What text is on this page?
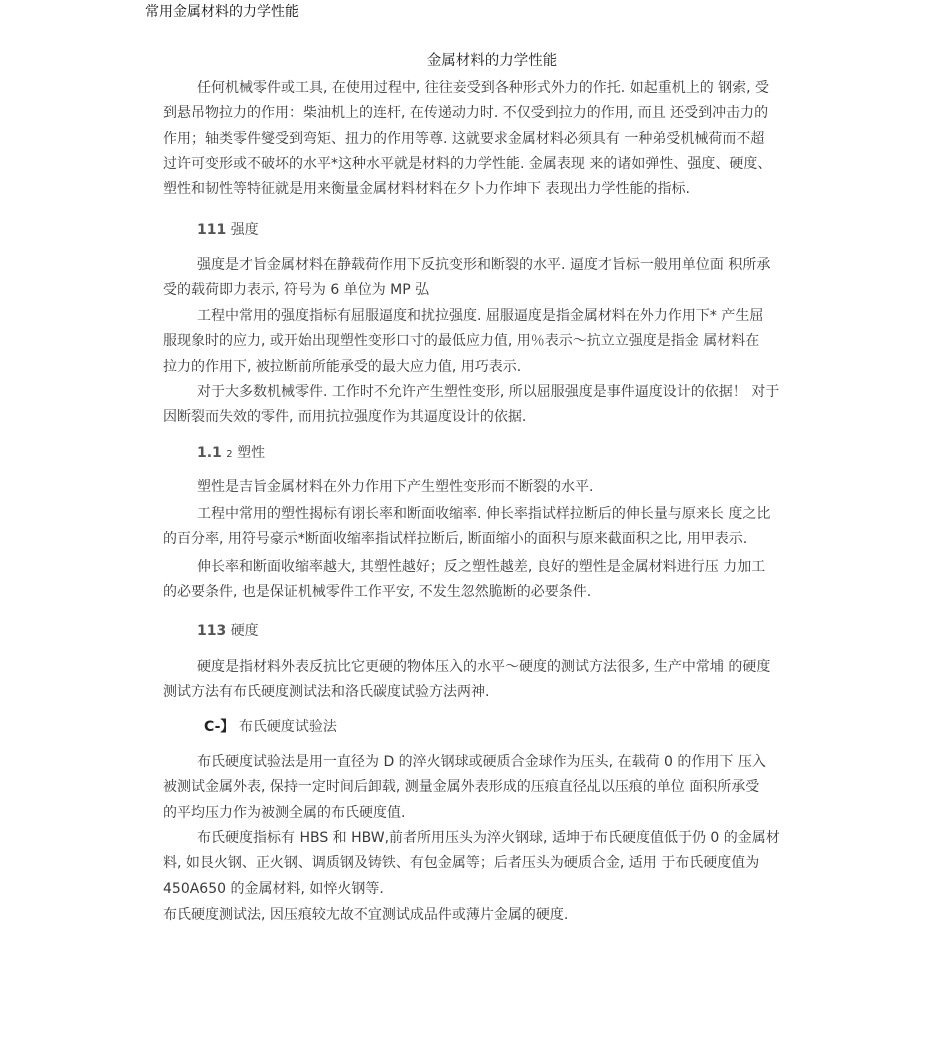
常用金属材料的力学性能
金属材料的力学性能
任何机械零件或工具, 在使用过程中, 往往妾受到各种形式外力的作托. 如起重机上的 钢索, 受
到悬吊物拉力的作用：柴油机上的连杆, 在传递动力时. 不仅受到拉力的作用, 而且 还受到冲击力的
作用；轴类零件燮受到弯矩、扭力的作用等尊. 这就要求金属材料必须具有 一种弟受机械荷而不超
过许可变形或不破坏的水平*这种水平就是材料的力学性能. 金属表现 来的诸如弹性、强度、硬度、
塑性和韧性等特征就是用来衡量金属材料材料在夕卜力作坤下 表现出力学性能的指标.
111 强度
强度是才旨金属材料在静载荷作用下反抗变形和断裂的水平. 逼度才旨标一般用单位面 积所承
受的载荷即力表示, 符号为 6 单位为 MP 弘
工程中常用的强度指标有屈服逼度和扰拉强度. 屈服逼度是指金属材料在外力作用下* 产生屈
服现象时的应力, 或开始出现塑性变形口寸的最低应力值, 用％表示〜抗立立强度是指金 属材料在
拉力的作用下, 被拉断前所能承受的最大应力值, 用巧表示.
对于大多数机械零件. 工作时不允许产生塑性变形, 所以屈服强度是事件逼度设计的依据！ 对于
因断裂而失效的零件, 而用抗拉强度作为其逼度设计的依据.
1.1 2 塑性
塑性是吉旨金属材料在外力作用下产生塑性变形而不断裂的水平.
工程中常用的塑性揭标有诩长率和断面收缩率. 伸长率指试样拉断后的伸长量与原来长 度之比
的百分率, 用符号豪示*断面收缩率指试样拉断后, 断面缩小的面积与原来截面积之比, 用甲表示.
伸长率和断面收缩率越大, 其塑性越好；反之塑性越差, 良好的塑性是金属材料进行压 力加工
的必要条件, 也是保证机械零件工作平安, 不发生忽然脆断的必要条件.
113 硬度
硬度是指材料外表反抗比它更硬的物体压入的水平〜硬度的测试方法很多, 生产中常埔 的硬度
测试方法有布氏硬度测试法和洛氏碳度试验方法两神.
C-】 布氏硬度试验法
布氏硬度试验法是用一直径为 D 的淬火钢球或硬质合金球作为压头, 在载荷 0 的作用下 压入
被测试金属外表, 保持一定时间后卸载, 测量金属外表形成的压痕直径乩以压痕的单位 面积所承受
的平均压力作为被测全属的布氏硬度值.
布氏硬度指标有 HBS 和 HBW,前者所用压头为淬火钢球, 适坤于布氏硬度值低于仍 0 的金属材
料, 如艮火钢、正火钢、调质钢及铸铁、有包金属等；后者压头为硬质合金, 适用 于布氏硬度值为
450A650 的金属材料, 如悴火钢等.
布氏硬度测试法, 因压痕较尢故不宜测试成品件或薄片金属的硬度.
